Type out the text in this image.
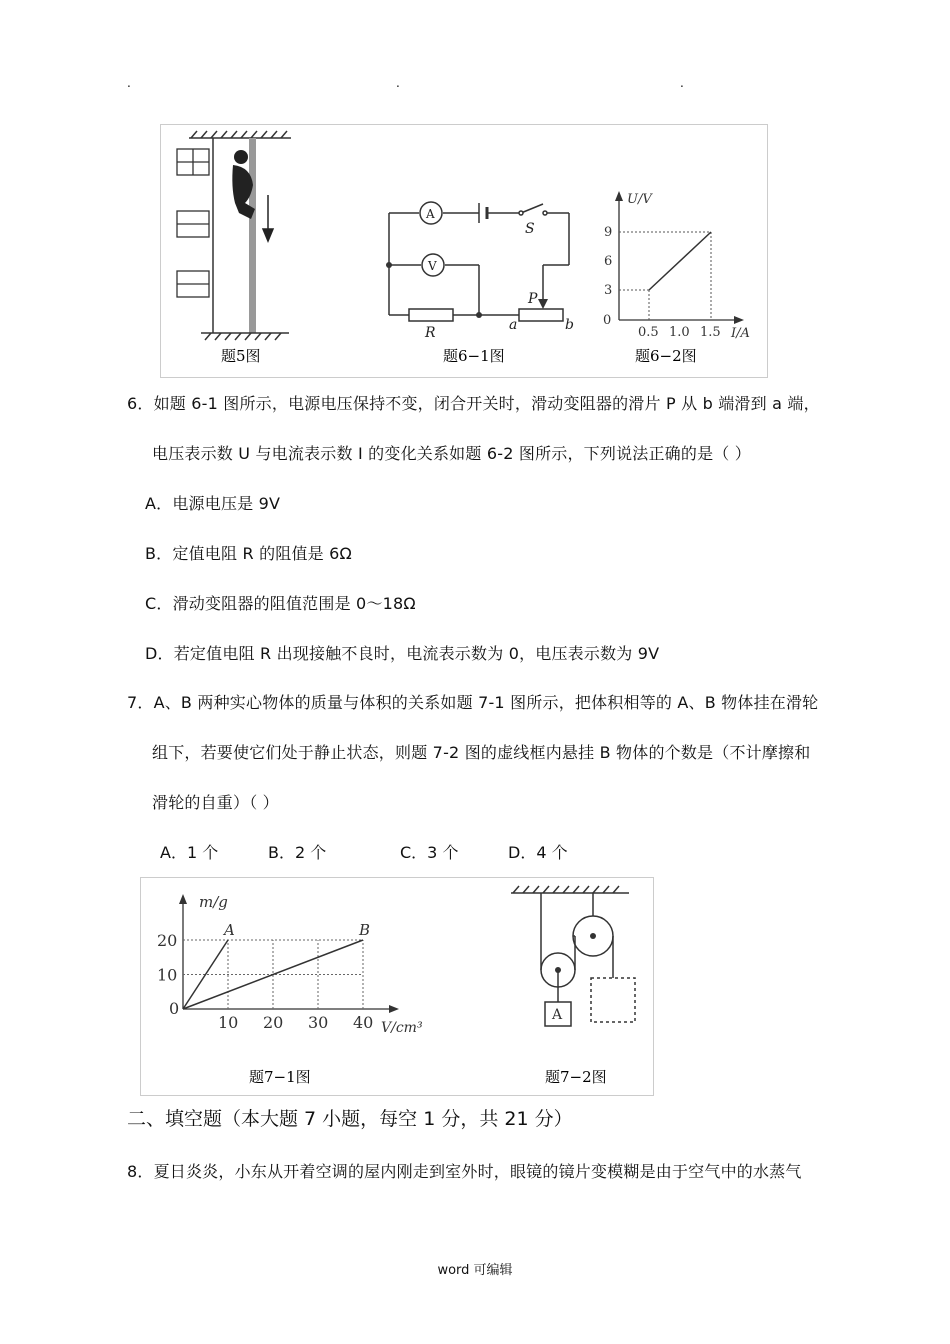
.	.	.
题5图
A
V
S
R
P
a	b
题6−1图
U/V
I/A
0
9
6
3
0.5 1.0 1.5
题6−2图
6．如题 6-1 图所示，电源电压保持不变，闭合开关时，滑动变阻器的滑片 P 从 b 端滑到 a 端，
电压表示数 U 与电流表示数 I 的变化关系如题 6-2 图所示，下列说法正确的是（ ）
A．电源电压是 9V
B．定值电阻 R 的阻值是 6Ω
C．滑动变阻器的阻值范围是 0～18Ω
D．若定值电阻 R 出现接触不良时，电流表示数为 0，电压表示数为 9V
7．A、B 两种实心物体的质量与体积的关系如题 7-1 图所示，把体积相等的 A、B 物体挂在滑轮
组下，若要使它们处于静止状态，则题 7-2 图的虚线框内悬挂 B 物体的个数是（不计摩擦和
滑轮的自重）（ ）
A．1 个	B．2 个	C．3 个	D．4 个
A	B
10 20 30 40
20
10
m/g
V/cm³
0
题7−1图
A
题7−2图
二、填空题（本大题 7 小题，每空 1 分，共 21 分）
8．夏日炎炎，小东从开着空调的屋内刚走到室外时，眼镜的镜片变模糊是由于空气中的水蒸气
word 可编辑
